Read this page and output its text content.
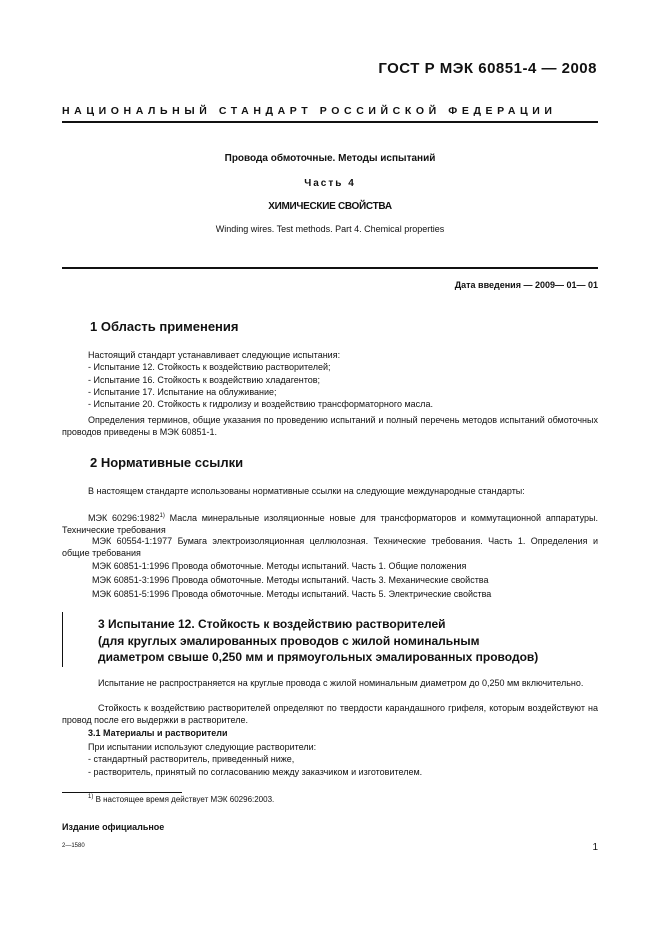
ГОСТ Р МЭК 60851-4 — 2008
НАЦИОНАЛЬНЫЙ СТАНДАРТ РОССИЙСКОЙ ФЕДЕРАЦИИ
Провода обмоточные. Методы испытаний
Часть 4
ХИМИЧЕСКИЕ СВОЙСТВА
Winding wires. Test methods. Part 4. Chemical properties
Дата введения — 2009— 01— 01
1 Область применения
Настоящий стандарт устанавливает следующие испытания:
- Испытание 12. Стойкость к воздействию растворителей;
- Испытание 16. Стойкость к воздействию хладагентов;
- Испытание 17. Испытание на облуживание;
- Испытание 20. Стойкость к гидролизу и воздействию трансформаторного масла.
Определения терминов, общие указания по проведению испытаний и полный перечень методов испытаний обмоточных проводов приведены в МЭК 60851-1.
2 Нормативные ссылки
В настоящем стандарте использованы нормативные ссылки на следующие международные стандарты:
МЭК 60296:1982$^{1)}$ Масла минеральные изоляционные новые для трансформаторов и коммутационной аппаратуры. Технические требования
МЭК 60554-1:1977 Бумага электроизоляционная целлюлозная. Технические требования. Часть 1. Определения и общие требования
МЭК 60851-1:1996 Провода обмоточные. Методы испытаний. Часть 1. Общие положения
МЭК 60851-3:1996 Провода обмоточные. Методы испытаний. Часть 3. Механические свойства
МЭК 60851-5:1996 Провода обмоточные. Методы испытаний. Часть 5. Электрические свойства
3 Испытание 12. Стойкость к воздействию растворителей
(для круглых эмалированных проводов с жилой номинальным
диаметром свыше 0,250 мм и прямоугольных эмалированных проводов)
Испытание не распространяется на круглые провода с жилой номинальным диаметром до 0,250 мм включительно.
Стойкость к воздействию растворителей определяют по твердости карандашного грифеля, которым воздействуют на провод после его выдержки в растворителе.
3.1 Материалы и растворители
При испытании используют следующие растворители:
- стандартный растворитель, приведенный ниже,
- растворитель, принятый по согласованию между заказчиком и изготовителем.
$^{1)}$ В настоящее время действует МЭК 60296:2003.
Издание официальное
2—1580	1
